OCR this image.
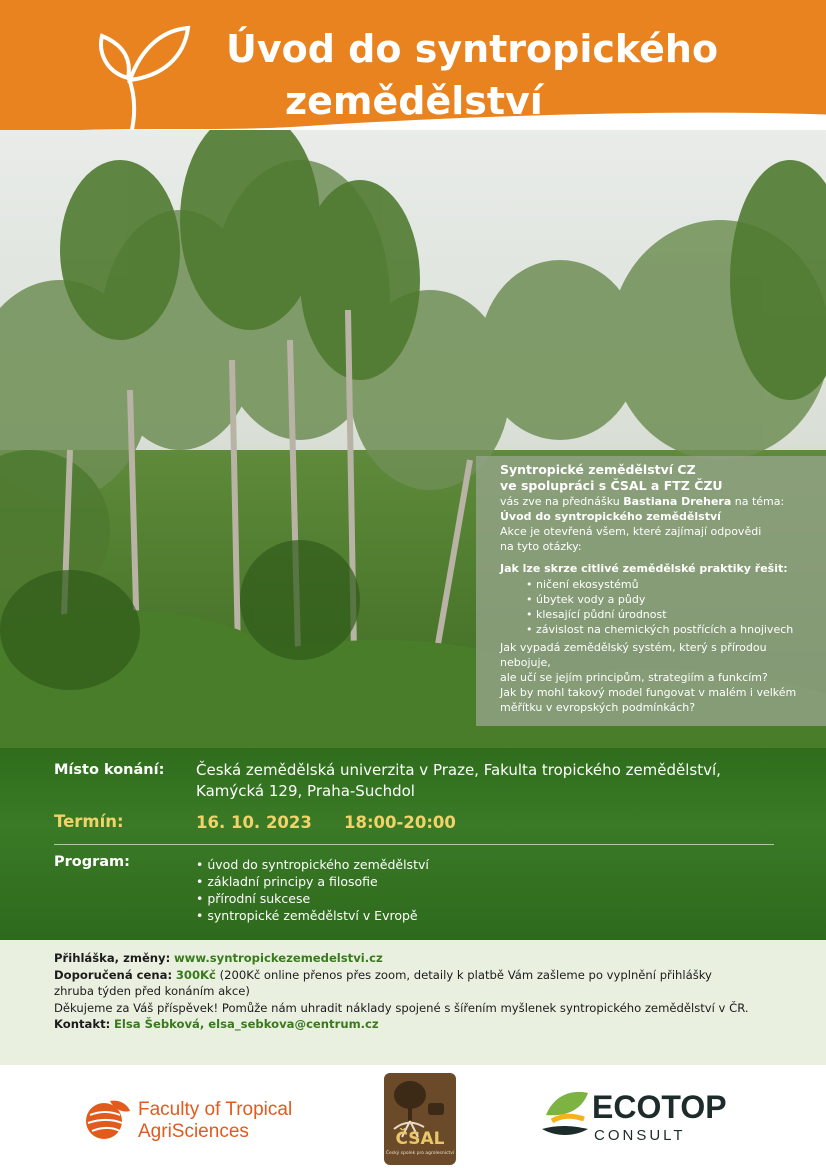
Úvod do syntropického
zemědělství

Syntropické zemědělství CZ

ve spolupráci s ČSAL a FTZ ČZU

vás zve na přednášku Bastiana Drehera na téma:

Úvod do syntropického zemědělství

Akce je otevřená všem, které zajímají odpovědi

na tyto otázky:

Jak lze skrze citlivé zemědělské praktiky řešit:

• ničení ekosystémů
• úbytek vody a půdy
• klesající půdní úrodnost
• závislost na chemických postřících a hnojivech

Jak vypadá zemědělský systém, který s přírodou nebojuje,

ale učí se jejím principům, strategiím a funkcím?

Jak by mohl takový model fungovat v malém i velkém

měřítku v evropských podmínkách?

Místo konání: Česká zemědělská univerzita v Praze, Fakulta tropického zemědělství,
Kamýcká 129, Praha-Suchdol
Termín:	16. 10. 2023 18:00-20:00
Program:
•	úvod do syntropického zemědělství
• základní principy a filosofie
• přírodní sukcese
• syntropické zemědělství v Evropě
Přihláška, změny: www.syntropickezemedelstvi.cz
Doporučená cena: 300Kč (200Kč online přenos přes zoom, detaily k platbě Vám zašleme po vyplnění přihlášky
zhruba týden před konáním akce)
Děkujeme za Váš příspěvek! Pomůže nám uhradit náklady spojené s šířením myšlenek syntropického zemědělství v ČR.
Kontakt: Elsa Šebková, elsa_sebkova@centrum.cz
Faculty of Tropical
AgriSciences	ČSAL
Český spolek pro agrolesnictví
ECOTOP
CONSULT
